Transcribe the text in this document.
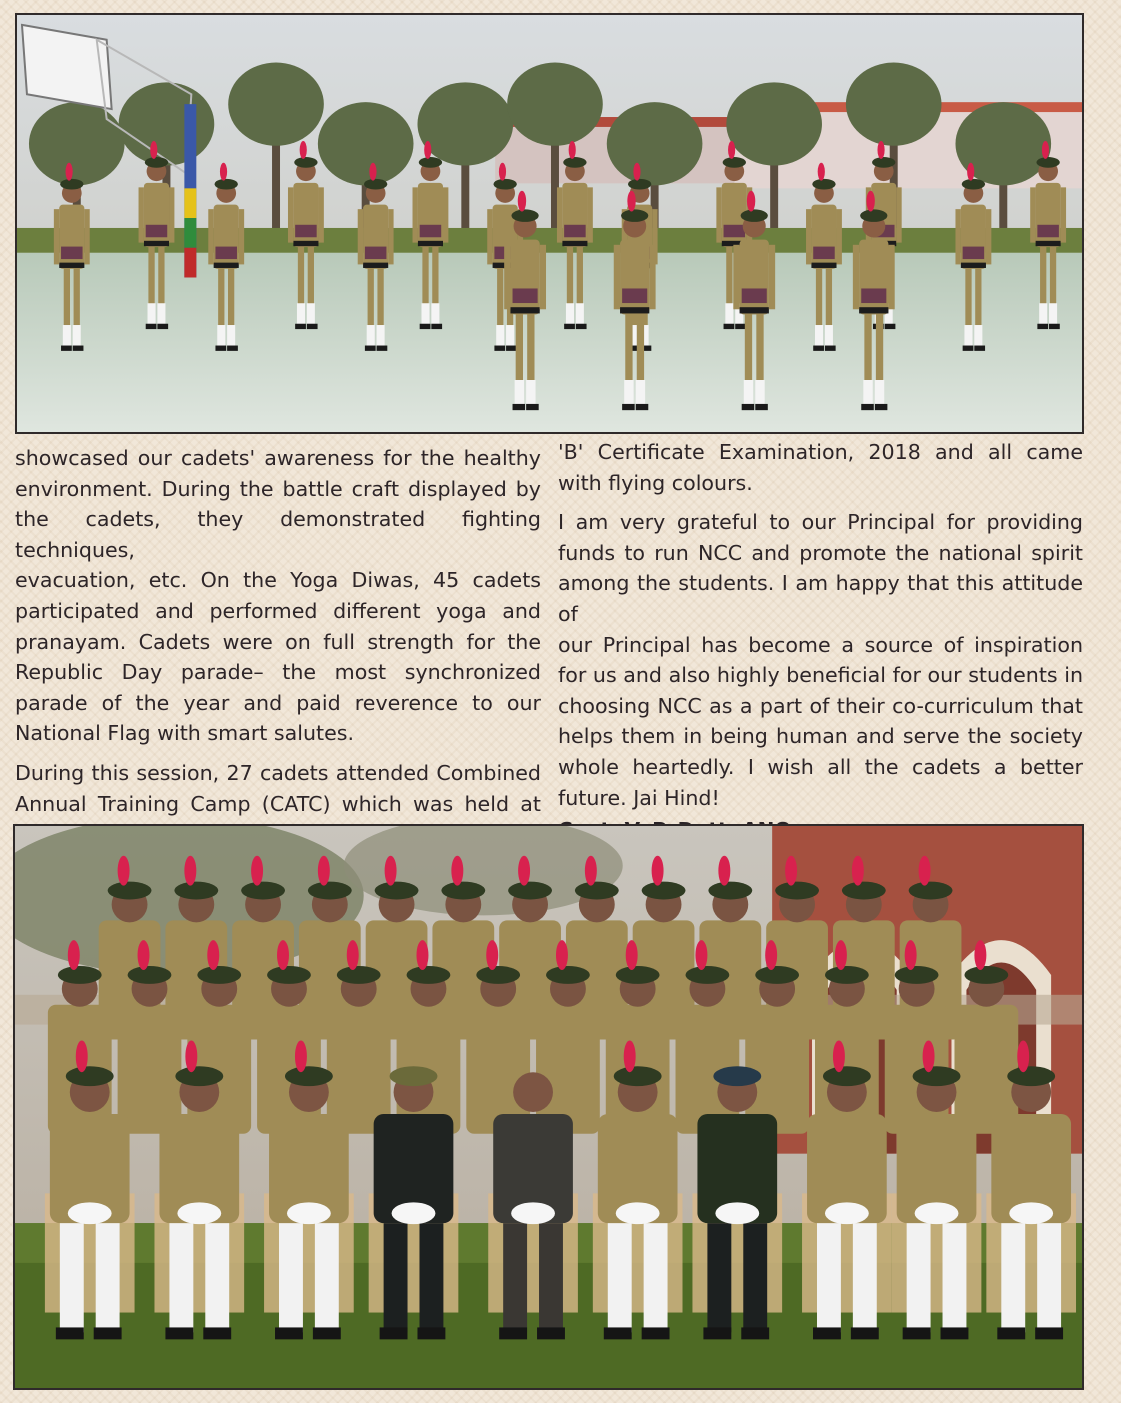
showcased our cadets' awareness for the healthy

environment. During the battle craft displayed by

the cadets, they demonstrated fighting techniques,

evacuation, etc. On the Yoga Diwas, 45 cadets

participated and performed different yoga and

pranayam. Cadets were on full strength for the

Republic Day parade– the most synchronized

parade of the year and paid reverence to our

National Flag with smart salutes.

During this session, 27 cadets attended Combined

Annual Training Camp (CATC) which was held at

'B' Certificate Examination, 2018 and all came

with flying colours.

I am very grateful to our Principal for providing

funds to run NCC and promote the national spirit

among the students. I am happy that this attitude of

our Principal has become a source of inspiration

for us and also highly beneficial for our students in

choosing NCC as a part of their co-curriculum that

helps them in being human and serve the society

whole heartedly. I wish all the cadets a better

future. Jai Hind!
